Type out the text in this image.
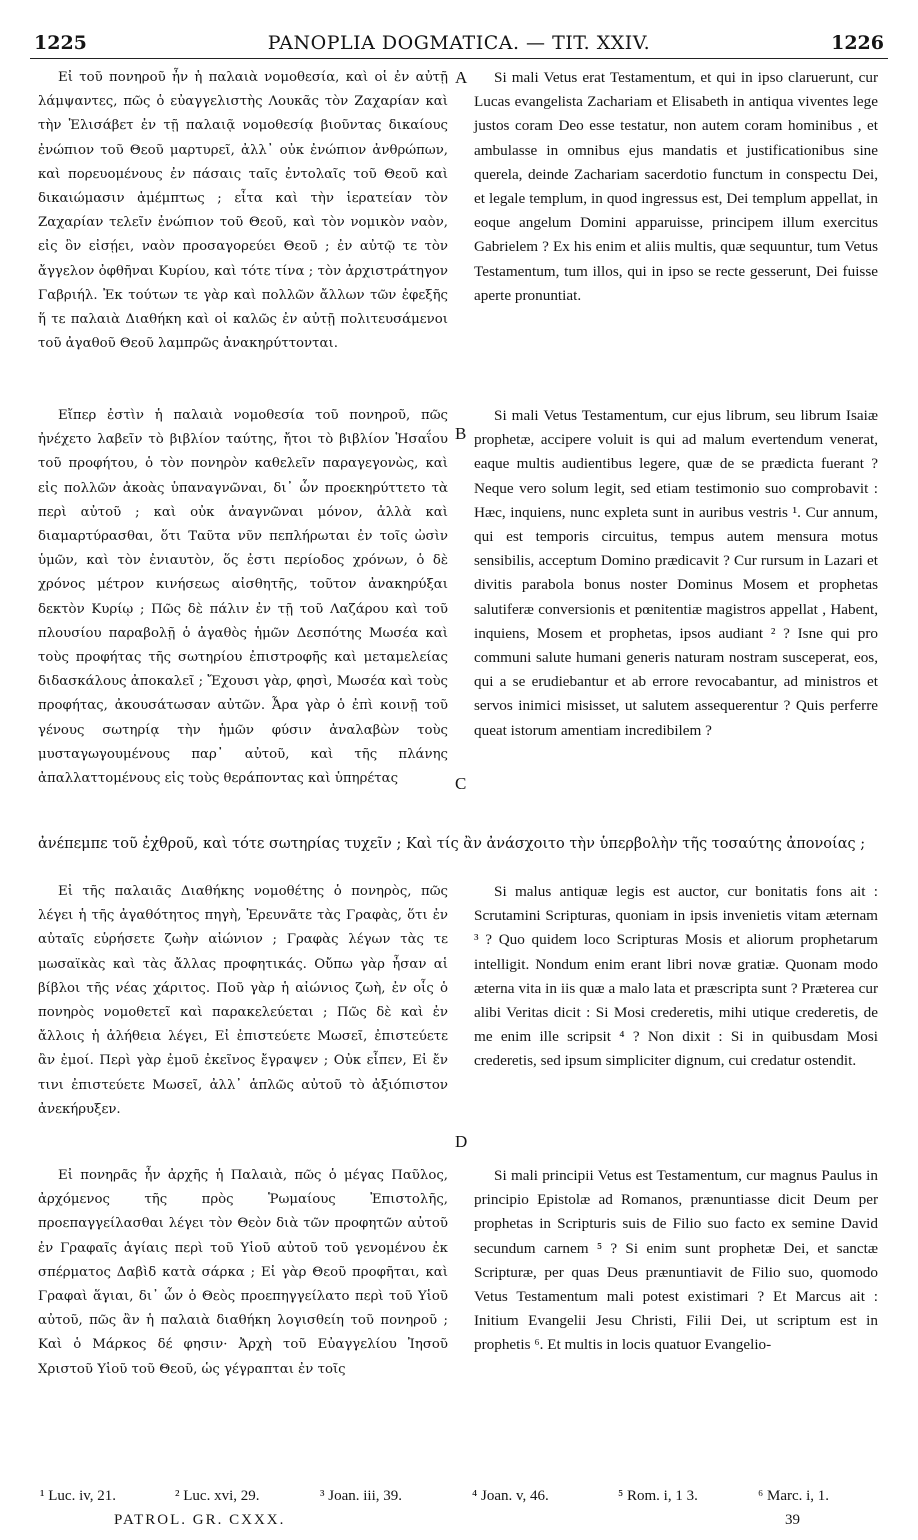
1225	PANOPLIA DOGMATICA. — TIT. XXIV.	1226

Εἰ τοῦ πονηροῦ ἦν ἡ παλαιὰ νομοθεσία, καὶ οἱ ἐν αὐτῇ λάμψαντες, πῶς ὁ εὐαγγελιστὴς Λουκᾶς τὸν Ζαχαρίαν καὶ τὴν Ἐλισάβετ ἐν τῇ παλαιᾷ νομοθεσίᾳ βιοῦντας δικαίους ἐνώπιον τοῦ Θεοῦ μαρτυρεῖ, ἀλλ᾽ οὐκ ἐνώπιον ἀνθρώπων, καὶ πορευομένους ἐν πάσαις ταῖς ἐντολαῖς τοῦ Θεοῦ καὶ δικαιώμασιν ἀμέμπτως ; εἶτα καὶ τὴν ἱερατείαν τὸν Ζαχαρίαν τελεῖν ἐνώπιον τοῦ Θεοῦ, καὶ τὸν νομικὸν ναὸν, εἰς ὃν εἰσῄει, ναὸν προσαγορεύει Θεοῦ ; ἐν αὐτῷ τε τὸν ἄγγελον ὀφθῆναι Κυρίου, καὶ τότε τίνα ; τὸν ἀρχιστράτηγον Γαβριήλ. Ἐκ τούτων τε γὰρ καὶ πολλῶν ἄλλων τῶν ἐφεξῆς ἥ τε παλαιὰ Διαθήκη καὶ οἱ καλῶς ἐν αὐτῇ πολιτευσάμενοι τοῦ ἀγαθοῦ Θεοῦ λαμπρῶς ἀνακηρύττονται.

Si mali Vetus erat Testamentum, et qui in ipso claruerunt, cur Lucas evangelista Zachariam et Elisabeth in antiqua viventes lege justos coram Deo esse testatur, non autem coram hominibus , et ambulasse in omnibus ejus mandatis et justificationibus sine querela, deinde Zachariam sacerdotio functum in conspectu Dei, et legale templum, in quod ingressus est, Dei templum appellat, in eoque angelum Domini apparuisse, principem illum exercitus Gabrielem ? Ex his enim et aliis multis, quæ sequuntur, tum Vetus Testamentum, tum illos, qui in ipso se recte gesserunt, Dei fuisse aperte pronuntiat.

Εἴπερ ἐστὶν ἡ παλαιὰ νομοθεσία τοῦ πονηροῦ, πῶς ἠνέχετο λαβεῖν τὸ βιβλίον ταύτης, ἤτοι τὸ βιβλίον Ἡσαΐου τοῦ προφήτου, ὁ τὸν πονηρὸν καθελεῖν παραγεγονὼς, καὶ εἰς πολλῶν ἀκοὰς ὑπαναγνῶναι, δι᾽ ὧν προεκηρύττετο τὰ περὶ αὐτοῦ ; καὶ οὐκ ἀναγνῶναι μόνον, ἀλλὰ καὶ διαμαρτύρασθαι, ὅτι Ταῦτα νῦν πεπλήρωται ἐν τοῖς ὠσὶν ὑμῶν, καὶ τὸν ἐνιαυτὸν, ὅς ἐστι περίοδος χρόνων, ὁ δὲ χρόνος μέτρον κινήσεως αἰσθητῆς, τοῦτον ἀνακηρύξαι δεκτὸν Κυρίῳ ; Πῶς δὲ πάλιν ἐν τῇ τοῦ Λαζάρου καὶ τοῦ πλουσίου παραβολῇ ὁ ἀγαθὸς ἡμῶν Δεσπότης Μωσέα καὶ τοὺς προφήτας τῆς σωτηρίου ἐπιστροφῆς καὶ μεταμελείας διδασκάλους ἀποκαλεῖ ; Ἔχουσι γὰρ, φησὶ, Μωσέα καὶ τοὺς προφήτας, ἀκουσάτωσαν αὐτῶν. Ἆρα γὰρ ὁ ἐπὶ κοινῇ τοῦ γένους σωτηρίᾳ τὴν ἡμῶν φύσιν ἀναλαβὼν τοὺς μυσταγωγουμένους παρ᾽ αὐτοῦ, καὶ τῆς πλάνης ἀπαλλαττομένους εἰς τοὺς θεράποντας καὶ ὑπηρέτας

Si mali Vetus Testamentum, cur ejus librum, seu librum Isaiæ prophetæ, accipere voluit is qui ad malum evertendum venerat, eaque multis audientibus legere, quæ de se prædicta fuerant ? Neque vero solum legit, sed etiam testimonio suo comprobavit : Hæc, inquiens, nunc expleta sunt in auribus vestris ¹. Cur annum, qui est temporis circuitus, tempus autem mensura motus sensibilis, acceptum Domino prædicavit ? Cur rursum in Lazari et divitis parabola bonus noster Dominus Mosem et prophetas salutiferæ conversionis et pœnitentiæ magistros appellat , Habent, inquiens, Mosem et prophetas, ipsos audiant ² ? Isne qui pro communi salute humani generis naturam nostram susceperat, eos, qui a se erudiebantur et ab errore revocabantur, ad ministros et servos inimici misisset, ut salutem assequerentur ? Quis perferre queat istorum amentiam incredibilem ?

ἀνέπεμπε τοῦ ἐχθροῦ, καὶ τότε σωτηρίας τυχεῖν ; Καὶ τίς ἂν ἀνάσχοιτο τὴν ὑπερβολὴν τῆς τοσαύτης ἀπονοίας ;

Εἰ τῆς παλαιᾶς Διαθήκης νομοθέτης ὁ πονηρὸς, πῶς λέγει ἡ τῆς ἀγαθότητος πηγὴ, Ἐρευνᾶτε τὰς Γραφὰς, ὅτι ἐν αὐταῖς εὑρήσετε ζωὴν αἰώνιον ; Γραφὰς λέγων τὰς τε μωσαϊκὰς καὶ τὰς ἄλλας προφητικάς. Οὔπω γὰρ ἦσαν αἱ βίβλοι τῆς νέας χάριτος. Ποῦ γὰρ ἡ αἰώνιος ζωὴ, ἐν οἷς ὁ πονηρὸς νομοθετεῖ καὶ παρακελεύεται ; Πῶς δὲ καὶ ἐν ἄλλοις ἡ ἀλήθεια λέγει, Εἰ ἐπιστεύετε Μωσεῖ, ἐπιστεύετε ἂν ἐμοί. Περὶ γὰρ ἐμοῦ ἐκεῖνος ἔγραψεν ; Οὐκ εἶπεν, Εἰ ἔν τινι ἐπιστεύετε Μωσεῖ, ἀλλ᾽ ἁπλῶς αὐτοῦ τὸ ἀξιόπιστον ἀνεκήρυξεν.

Si malus antiquæ legis est auctor, cur bonitatis fons ait : Scrutamini Scripturas, quoniam in ipsis invenietis vitam æternam ³ ? Quo quidem loco Scripturas Mosis et aliorum prophetarum intelligit. Nondum enim erant libri novæ gratiæ. Quonam modo æterna vita in iis quæ a malo lata et præscripta sunt ? Præterea cur alibi Veritas dicit : Si Mosi crederetis, mihi utique crederetis, de me enim ille scripsit ⁴ ? Non dixit : Si in quibusdam Mosi crederetis, sed ipsum simpliciter dignum, cui credatur ostendit.

Εἰ πονηρᾶς ἦν ἀρχῆς ἡ Παλαιὰ, πῶς ὁ μέγας Παῦλος, ἀρχόμενος τῆς πρὸς Ῥωμαίους Ἐπιστολῆς, προεπαγγείλασθαι λέγει τὸν Θεὸν διὰ τῶν προφητῶν αὐτοῦ ἐν Γραφαῖς ἁγίαις περὶ τοῦ Υἱοῦ αὐτοῦ τοῦ γενομένου ἐκ σπέρματος Δαβὶδ κατὰ σάρκα ; Εἰ γὰρ Θεοῦ προφῆται, καὶ Γραφαὶ ἅγιαι, δι᾽ ὧν ὁ Θεὸς προεπηγγείλατο περὶ τοῦ Υἱοῦ αὐτοῦ, πῶς ἂν ἡ παλαιὰ διαθήκη λογισθείη τοῦ πονηροῦ ; Καὶ ὁ Μάρκος δέ φησιν· Ἀρχὴ τοῦ Εὐαγγελίου Ἰησοῦ Χριστοῦ Υἱοῦ τοῦ Θεοῦ, ὡς γέγραπται ἐν τοῖς

Si mali principii Vetus est Testamentum, cur magnus Paulus in principio Epistolæ ad Romanos, prænuntiasse dicit Deum per prophetas in Scripturis suis de Filio suo facto ex semine David secundum carnem ⁵ ? Si enim sunt prophetæ Dei, et sanctæ Scripturæ, per quas Deus prænuntiavit de Filio suo, quomodo Vetus Testamentum mali potest existimari ? Et Marcus ait : Initium Evangelii Jesu Christi, Filii Dei, ut scriptum est in prophetis ⁶. Et multis in locis quatuor Evangelio-

A
B
C
D
¹ Luc. iv, 21.	² Luc. xvi, 29.	³ Joan. iii, 39.	⁴ Joan. v, 46.	⁵ Rom. i, 1 3.	⁶ Marc. i, 1.
PATROL. GR. CXXX.	39
